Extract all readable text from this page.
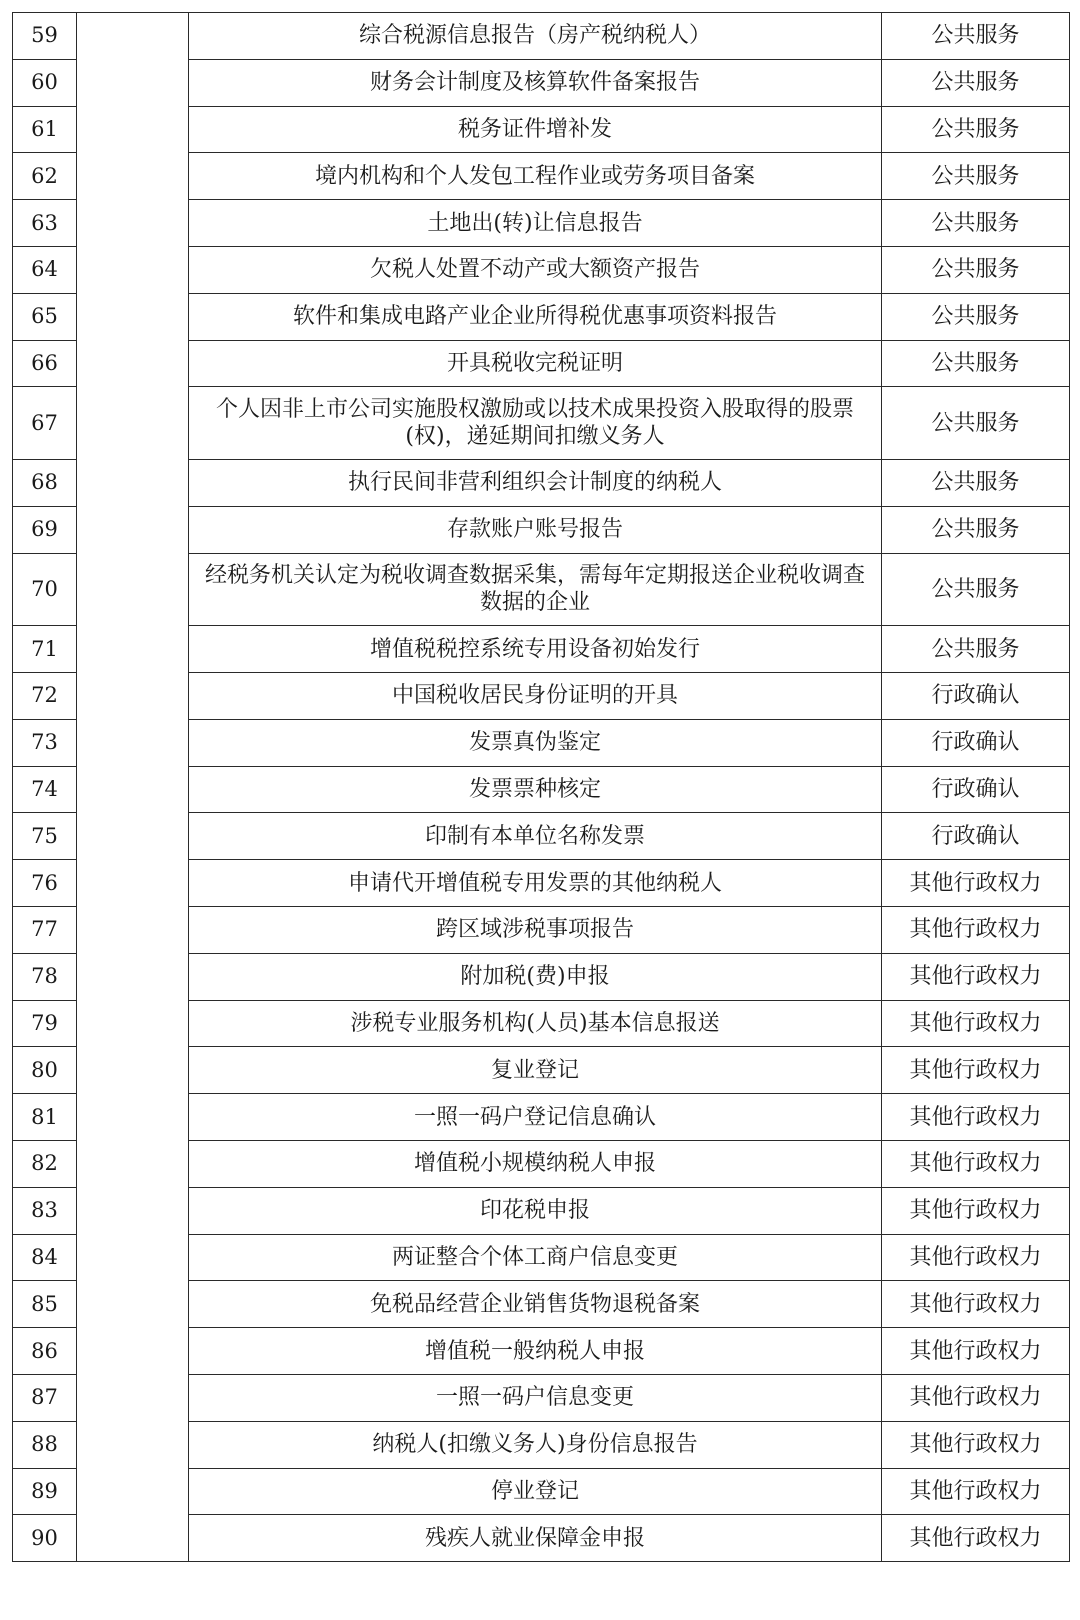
59		综合税源信息报告（房产税纳税人）	公共服务
60		财务会计制度及核算软件备案报告	公共服务
61		税务证件增补发	公共服务
62		境内机构和个人发包工程作业或劳务项目备案	公共服务
63		土地出(转)让信息报告	公共服务
64		欠税人处置不动产或大额资产报告	公共服务
65		软件和集成电路产业企业所得税优惠事项资料报告	公共服务
66		开具税收完税证明	公共服务
67		个人因非上市公司实施股权激励或以技术成果投资入股取得的股票(权)，递延期间扣缴义务人	公共服务
68		执行民间非营利组织会计制度的纳税人	公共服务
69		存款账户账号报告	公共服务
70		经税务机关认定为税收调查数据采集，需每年定期报送企业税收调查数据的企业	公共服务
71		增值税税控系统专用设备初始发行	公共服务
72		中国税收居民身份证明的开具	行政确认
73		发票真伪鉴定	行政确认
74		发票票种核定	行政确认
75		印制有本单位名称发票	行政确认
76		申请代开增值税专用发票的其他纳税人	其他行政权力
77		跨区域涉税事项报告	其他行政权力
78		附加税(费)申报	其他行政权力
79		涉税专业服务机构(人员)基本信息报送	其他行政权力
80		复业登记	其他行政权力
81		一照一码户登记信息确认	其他行政权力
82		增值税小规模纳税人申报	其他行政权力
83		印花税申报	其他行政权力
84		两证整合个体工商户信息变更	其他行政权力
85		免税品经营企业销售货物退税备案	其他行政权力
86		增值税一般纳税人申报	其他行政权力
87		一照一码户信息变更	其他行政权力
88		纳税人(扣缴义务人)身份信息报告	其他行政权力
89		停业登记	其他行政权力
90		残疾人就业保障金申报	其他行政权力
